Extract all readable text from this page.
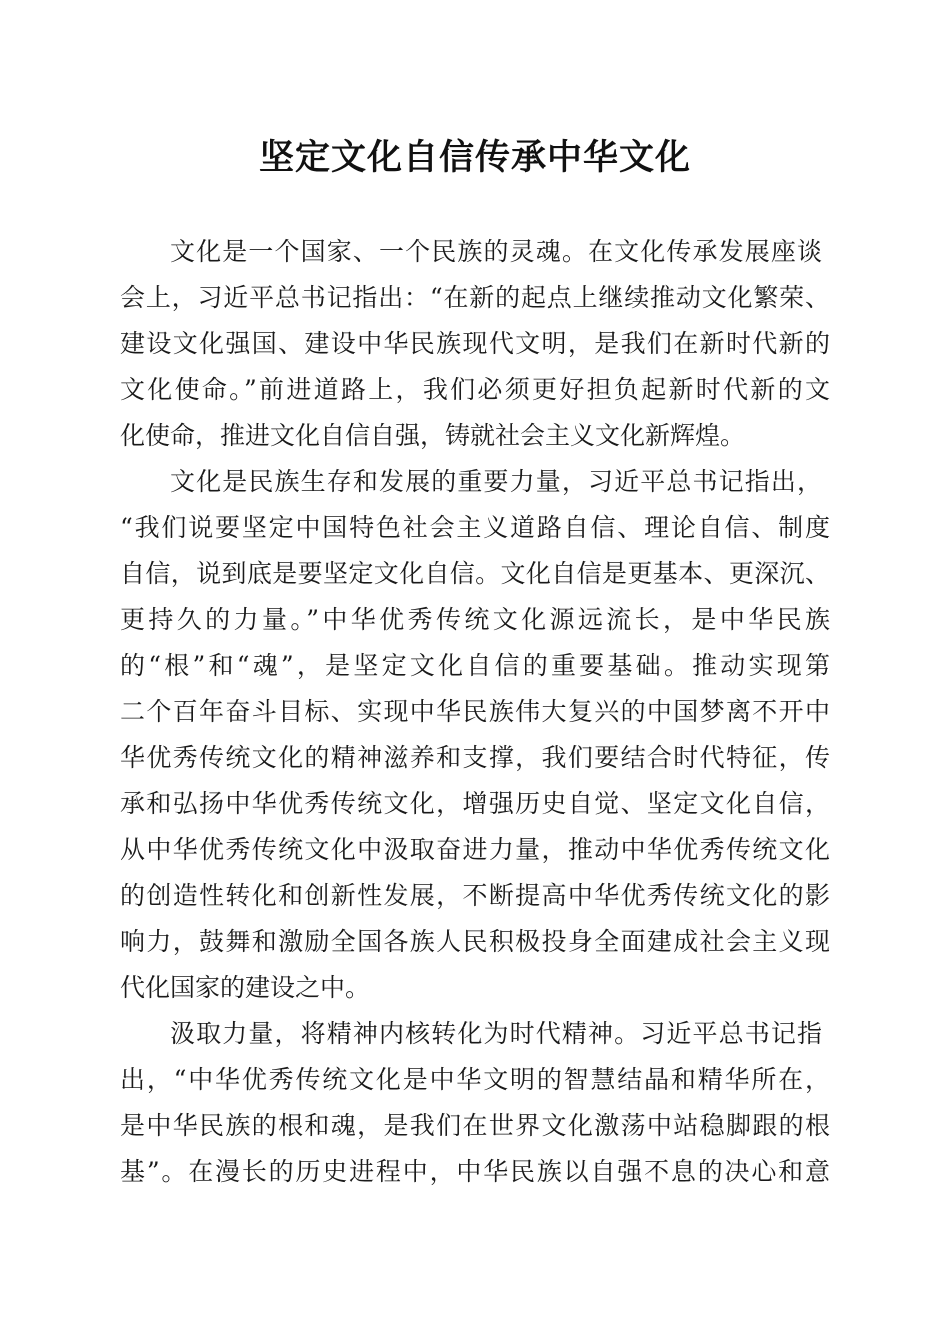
坚定文化自信传承中华文化
文化是一个国家、一个民族的灵魂。在文化传承发展座谈
会上，习近平总书记指出：“在新的起点上继续推动文化繁荣、
建设文化强国、建设中华民族现代文明，是我们在新时代新的
文化使命。”前进道路上，我们必须更好担负起新时代新的文
化使命，推进文化自信自强，铸就社会主义文化新辉煌。
文化是民族生存和发展的重要力量，习近平总书记指出，
“我们说要坚定中国特色社会主义道路自信、理论自信、制度
自信，说到底是要坚定文化自信。文化自信是更基本、更深沉、
更持久的力量。”中华优秀传统文化源远流长，是中华民族
的“根”和“魂”，是坚定文化自信的重要基础。推动实现第
二个百年奋斗目标、实现中华民族伟大复兴的中国梦离不开中
华优秀传统文化的精神滋养和支撑，我们要结合时代特征，传
承和弘扬中华优秀传统文化，增强历史自觉、坚定文化自信，
从中华优秀传统文化中汲取奋进力量，推动中华优秀传统文化
的创造性转化和创新性发展，不断提高中华优秀传统文化的影
响力，鼓舞和激励全国各族人民积极投身全面建成社会主义现
代化国家的建设之中。
汲取力量，将精神内核转化为时代精神。习近平总书记指
出，“中华优秀传统文化是中华文明的智慧结晶和精华所在，
是中华民族的根和魂，是我们在世界文化激荡中站稳脚跟的根
基”。在漫长的历史进程中，中华民族以自强不息的决心和意
